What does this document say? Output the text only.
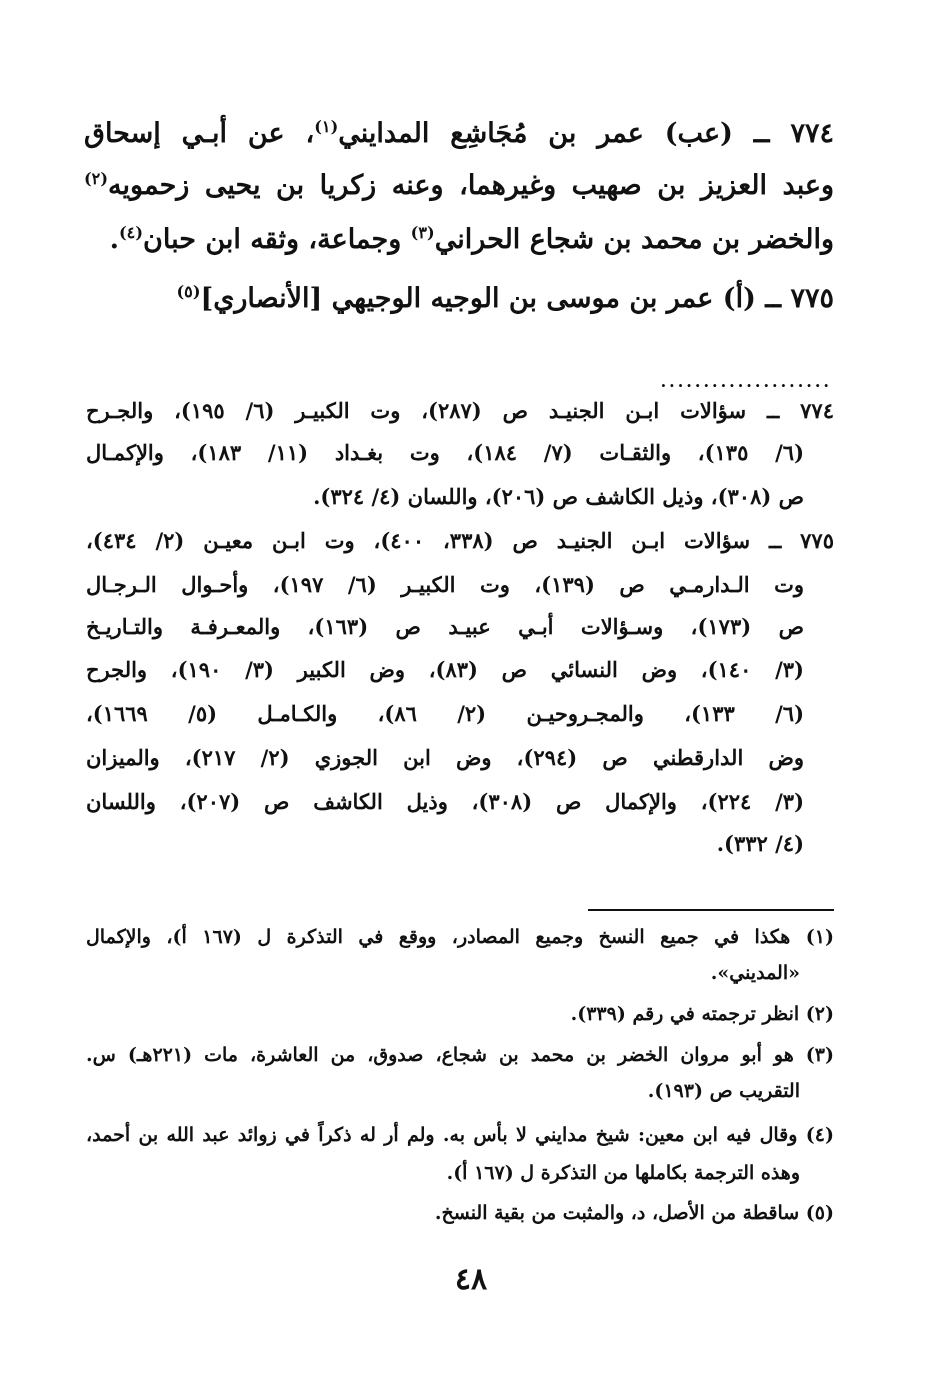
٧٧٤ ــ (عب) عمر بن مُجَاشِع المدايني$^{(١)}$، عن أبـي إسحاق
وعبد العزيز بن صهيب وغيرهما، وعنه زكريا بن يحيى زحمويه$^{(٢)}$
والخضر بن محمد بن شجاع الحراني$^{(٣)}$ وجماعة، وثقه ابن حبان$^{(٤)}$.
٧٧٥ ــ (أ) عمر بن موسى بن الوجيه الوجيهي [الأنصاري]$^{(٥)}$
....................
٧٧٤ ــ سؤالات ابـن الجنيـد ص (٢٨٧)، وت الكبيـر (٦/ ١٩٥)، والجـرح
(٦/ ١٣٥)، والثقـات (٧/ ١٨٤)، وت بغـداد (١١/ ١٨٣)، والإكمـال
ص (٣٠٨)، وذيل الكاشف ص (٢٠٦)، واللسان (٤/ ٣٢٤).
٧٧٥ ــ سؤالات ابـن الجنيـد ص (٣٣٨، ٤٠٠)، وت ابـن معيـن (٢/ ٤٣٤)،
وت الـدارمـي ص (١٣٩)، وت الكبيـر (٦/ ١٩٧)، وأحـوال الـرجـال
ص (١٧٣)، وسـؤالات أبـي عبيـد ص (١٦٣)، والمعـرفـة والتـاريـخ
(٣/ ١٤٠)، وض النسائي ص (٨٣)، وض الكبير (٣/ ١٩٠)، والجرح
(٦/ ١٣٣)، والمجـروحيـن (٢/ ٨٦)، والكـامـل (٥/ ١٦٦٩)،
وض الدارقطني ص (٢٩٤)، وض ابن الجوزي (٢/ ٢١٧)، والميزان
(٣/ ٢٢٤)، والإكمال ص (٣٠٨)، وذيل الكاشف ص (٢٠٧)، واللسان
(٤/ ٣٣٢).
(١) هكذا في جميع النسخ وجميع المصادر، ووقع في التذكرة ل (١٦٧ أ)، والإكمال
«المديني».
(٢) انظر ترجمته في رقم (٣٣٩).
(٣) هو أبو مروان الخضر بن محمد بن شجاع، صدوق، من العاشرة، مات (٢٢١هـ) س.
التقريب ص (١٩٣).
(٤) وقال فيه ابن معين: شيخ مدايني لا بأس به. ولم أر له ذكراً في زوائد عبد الله بن أحمد،
وهذه الترجمة بكاملها من التذكرة ل (١٦٧ أ).
(٥) ساقطة من الأصل، د، والمثبت من بقية النسخ.
٤٨
